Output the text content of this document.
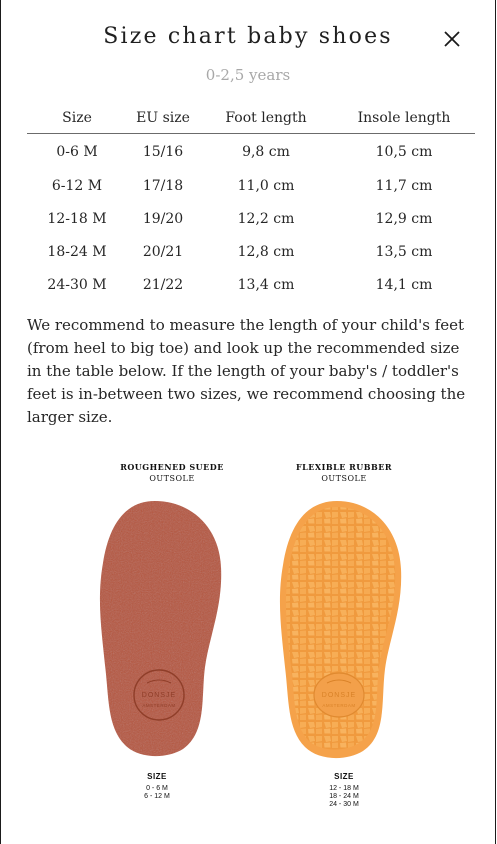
Size chart baby shoes
0-2,5 years
Size	EU size	Foot length	Insole length
0-6 M	15/16	9,8 cm	10,5 cm
6-12 M	17/18	11,0 cm	11,7 cm
12-18 M	19/20	12,2 cm	12,9 cm
18-24 M	20/21	12,8 cm	13,5 cm
24-30 M	21/22	13,4 cm	14,1 cm

We recommend to measure the length of your child's feet (from heel to big toe) and look up the recommended size in the table below. If the length of your baby's / toddler's feet is in-between two sizes, we recommend choosing the larger size.

ROUGHENED SUEDE
OUTSOLE
DONSJE
AMSTERDAM
SIZE
0 - 6 M
6 - 12 M
FLEXIBLE RUBBER
OUTSOLE
DONSJE
AMSTERDAM
SIZE
12 - 18 M
18 - 24 M
24 - 30 M
